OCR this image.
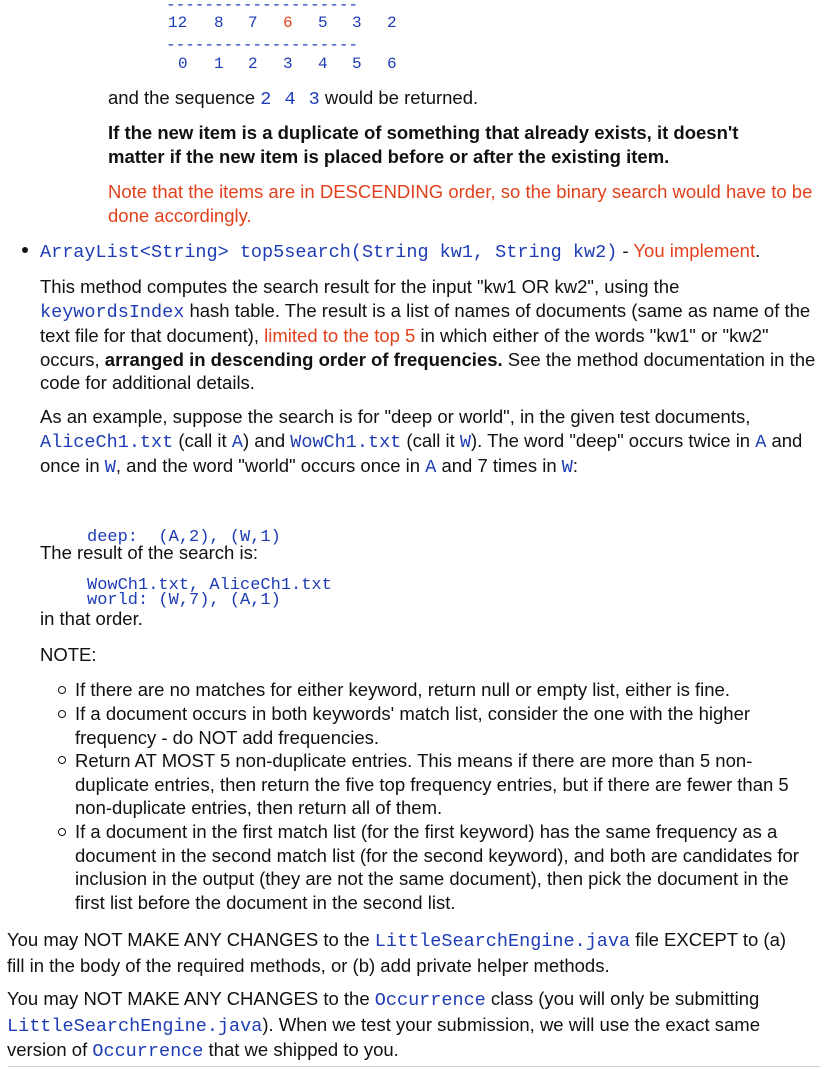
--------------------
12 8 7 6 5 3 2
--------------------
0 1 2 3 4 5 6

and the sequence 2 4 3 would be returned.

If the new item is a duplicate of something that already exists, it doesn't matter if the new item is placed before or after the existing item.

Note that the items are in DESCENDING order, so the binary search would have to be done accordingly.

ArrayList<String> top5search(String kw1, String kw2) - You implement.

This method computes the search result for the input "kw1 OR kw2", using the keywordsIndex hash table. The result is a list of names of documents (same as name of the text file for that document), limited to the top 5 in which either of the words "kw1" or "kw2" occurs, arranged in descending order of frequencies. See the method documentation in the code for additional details.

As an example, suppose the search is for "deep or world", in the given test documents, AliceCh1.txt (call it A) and WowCh1.txt (call it W). The word "deep" occurs twice in A and once in W, and the word "world" occurs once in A and 7 times in W:

deep:  (A,2), (W,1)

world: (W,7), (A,1)

The result of the search is:

WowCh1.txt, AliceCh1.txt

in that order.

NOTE:

If there are no matches for either keyword, return null or empty list, either is fine.

If a document occurs in both keywords' match list, consider the one with the higher frequency - do NOT add frequencies.

Return AT MOST 5 non-duplicate entries. This means if there are more than 5 non-duplicate entries, then return the five top frequency entries, but if there are fewer than 5 non-duplicate entries, then return all of them.

If a document in the first match list (for the first keyword) has the same frequency as a document in the second match list (for the second keyword), and both are candidates for inclusion in the output (they are not the same document), then pick the document in the first list before the document in the second list.

You may NOT MAKE ANY CHANGES to the LittleSearchEngine.java file EXCEPT to (a) fill in the body of the required methods, or (b) add private helper methods.

You may NOT MAKE ANY CHANGES to the Occurrence class (you will only be submitting LittleSearchEngine.java). When we test your submission, we will use the exact same version of Occurrence that we shipped to you.
